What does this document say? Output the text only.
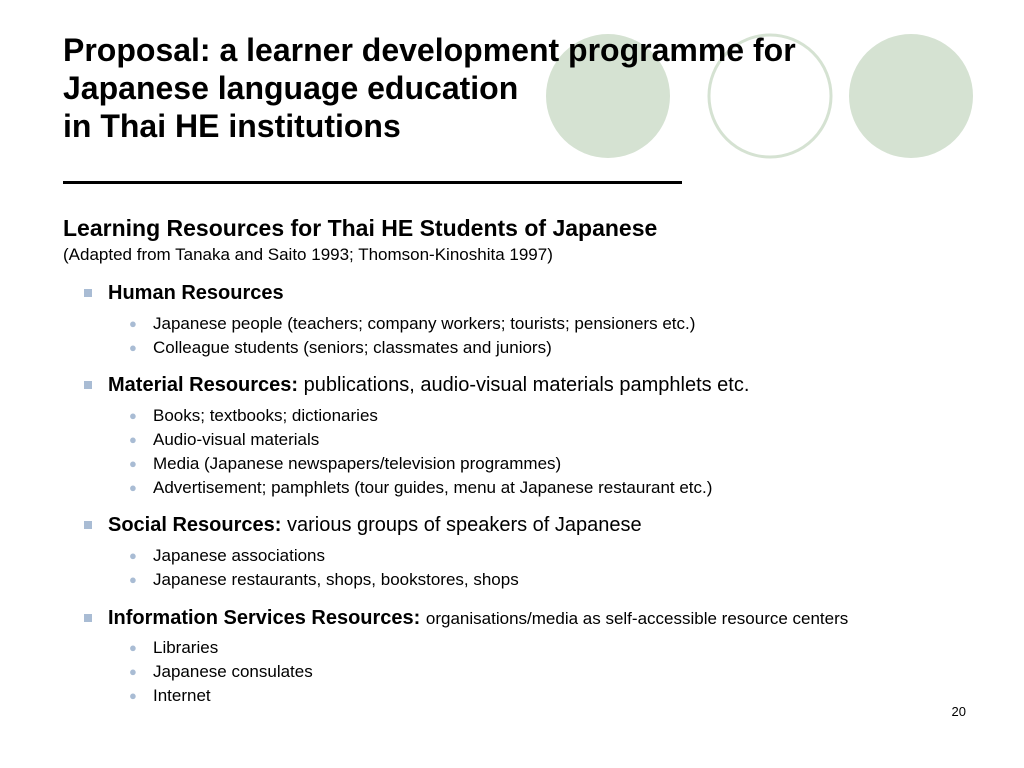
Proposal: a learner development programme for
Japanese language education
in Thai HE institutions

Learning Resources for Thai HE Students of Japanese

(Adapted from Tanaka and Saito 1993; Thomson-Kinoshita 1997)

Human Resources
● Japanese people (teachers; company workers; tourists; pensioners etc.)
● Colleague students (seniors; classmates and juniors)
Material Resources: publications, audio-visual materials pamphlets etc.
● Books; textbooks; dictionaries
● Audio-visual materials
● Media (Japanese newspapers/television programmes)
● Advertisement; pamphlets (tour guides, menu at Japanese restaurant etc.)
Social Resources: various groups of speakers of Japanese
● Japanese associations
● Japanese restaurants, shops, bookstores, shops
Information Services Resources: organisations/media as self-accessible resource centers
● Libraries
● Japanese consulates
● Internet
20
